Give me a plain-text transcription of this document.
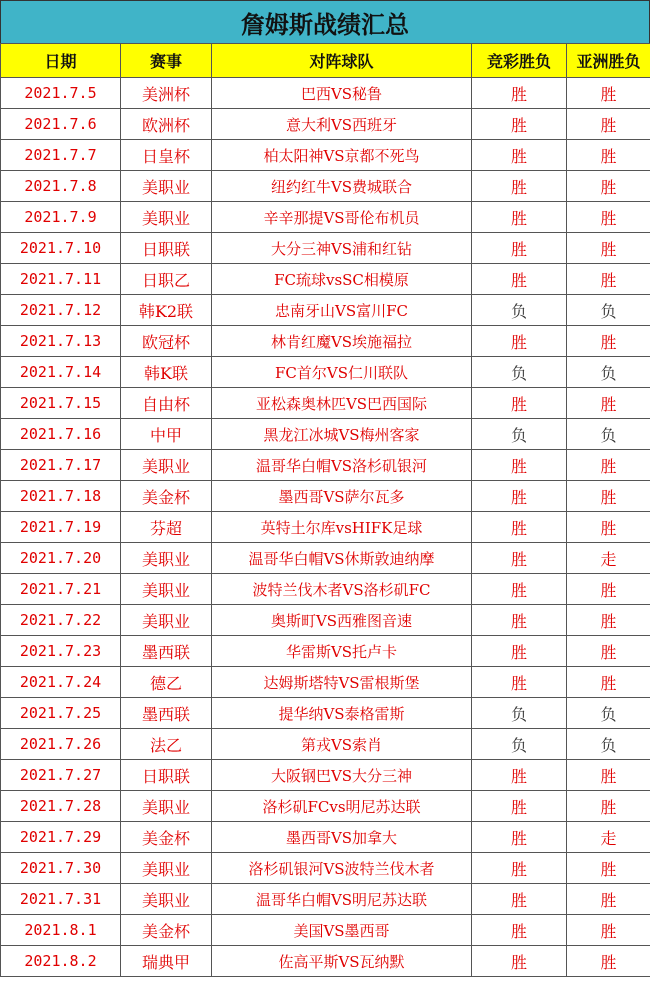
詹姆斯战绩汇总
日期	赛事	对阵球队	竞彩胜负	亚洲胜负
2021.7.5	美洲杯	巴西VS秘鲁	胜	胜
2021.7.6	欧洲杯	意大利VS西班牙	胜	胜
2021.7.7	日皇杯	柏太阳神VS京都不死鸟	胜	胜
2021.7.8	美职业	纽约红牛VS费城联合	胜	胜
2021.7.9	美职业	辛辛那提VS哥伦布机员	胜	胜
2021.7.10	日职联	大分三神VS浦和红钻	胜	胜
2021.7.11	日职乙	FC琉球vsSC相模原	胜	胜
2021.7.12	韩K2联	忠南牙山VS富川FC	负	负
2021.7.13	欧冠杯	林肯红魔VS埃施福拉	胜	胜
2021.7.14	韩K联	FC首尔VS仁川联队	负	负
2021.7.15	自由杯	亚松森奥林匹VS巴西国际	胜	胜
2021.7.16	中甲	黑龙江冰城VS梅州客家	负	负
2021.7.17	美职业	温哥华白帽VS洛杉矶银河	胜	胜
2021.7.18	美金杯	墨西哥VS萨尔瓦多	胜	胜
2021.7.19	芬超	英特土尔库vsHIFK足球	胜	胜
2021.7.20	美职业	温哥华白帽VS休斯敦迪纳摩	胜	走
2021.7.21	美职业	波特兰伐木者VS洛杉矶FC	胜	胜
2021.7.22	美职业	奥斯町VS西雅图音速	胜	胜
2021.7.23	墨西联	华雷斯VS托卢卡	胜	胜
2021.7.24	德乙	达姆斯塔特VS雷根斯堡	胜	胜
2021.7.25	墨西联	提华纳VS泰格雷斯	负	负
2021.7.26	法乙	第戎VS索肖	负	负
2021.7.27	日职联	大阪钢巴VS大分三神	胜	胜
2021.7.28	美职业	洛杉矶FCvs明尼苏达联	胜	胜
2021.7.29	美金杯	墨西哥VS加拿大	胜	走
2021.7.30	美职业	洛杉矶银河VS波特兰伐木者	胜	胜
2021.7.31	美职业	温哥华白帽VS明尼苏达联	胜	胜
2021.8.1	美金杯	美国VS墨西哥	胜	胜
2021.8.2	瑞典甲	佐高平斯VS瓦纳默	胜	胜
